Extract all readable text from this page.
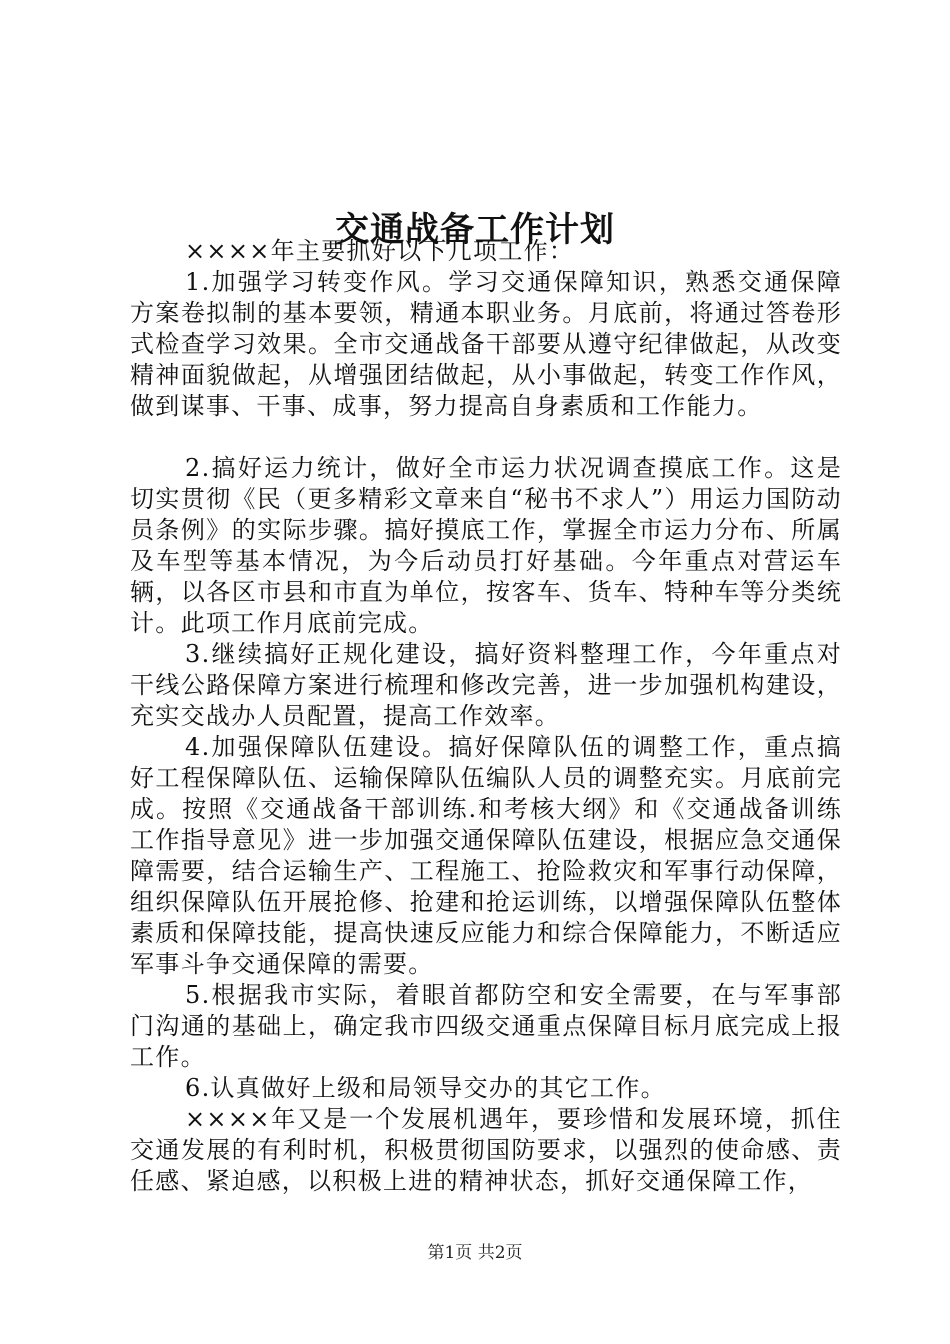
交通战备工作计划

××××年主要抓好以下几项工作：

1.加强学习转变作风。学习交通保障知识，熟悉交通保障方案卷拟制的基本要领，精通本职业务。月底前，将通过答卷形式检查学习效果。全市交通战备干部要从遵守纪律做起，从改变精神面貌做起，从增强团结做起，从小事做起，转变工作作风，做到谋事、干事、成事，努力提高自身素质和工作能力。

2.搞好运力统计，做好全市运力状况调查摸底工作。这是切实贯彻《民（更多精彩文章来自“秘书不求人”）用运力国防动员条例》的实际步骤。搞好摸底工作，掌握全市运力分布、所属及车型等基本情况，为今后动员打好基础。今年重点对营运车辆，以各区市县和市直为单位，按客车、货车、特种车等分类统计。此项工作月底前完成。

3.继续搞好正规化建设，搞好资料整理工作，今年重点对干线公路保障方案进行梳理和修改完善，进一步加强机构建设，充实交战办人员配置，提高工作效率。

4.加强保障队伍建设。搞好保障队伍的调整工作，重点搞好工程保障队伍、运输保障队伍编队人员的调整充实。月底前完成。按照《交通战备干部训练.和考核大纲》和《交通战备训练工作指导意见》进一步加强交通保障队伍建设，根据应急交通保障需要，结合运输生产、工程施工、抢险救灾和军事行动保障，组织保障队伍开展抢修、抢建和抢运训练，以增强保障队伍整体素质和保障技能，提高快速反应能力和综合保障能力，不断适应军事斗争交通保障的需要。

5.根据我市实际，着眼首都防空和安全需要，在与军事部门沟通的基础上，确定我市四级交通重点保障目标月底完成上报工作。

6.认真做好上级和局领导交办的其它工作。

××××年又是一个发展机遇年，要珍惜和发展环境，抓住交通发展的有利时机，积极贯彻国防要求，以强烈的使命感、责任感、紧迫感，以积极上进的精神状态，抓好交通保障工作，

第1页 共2页
